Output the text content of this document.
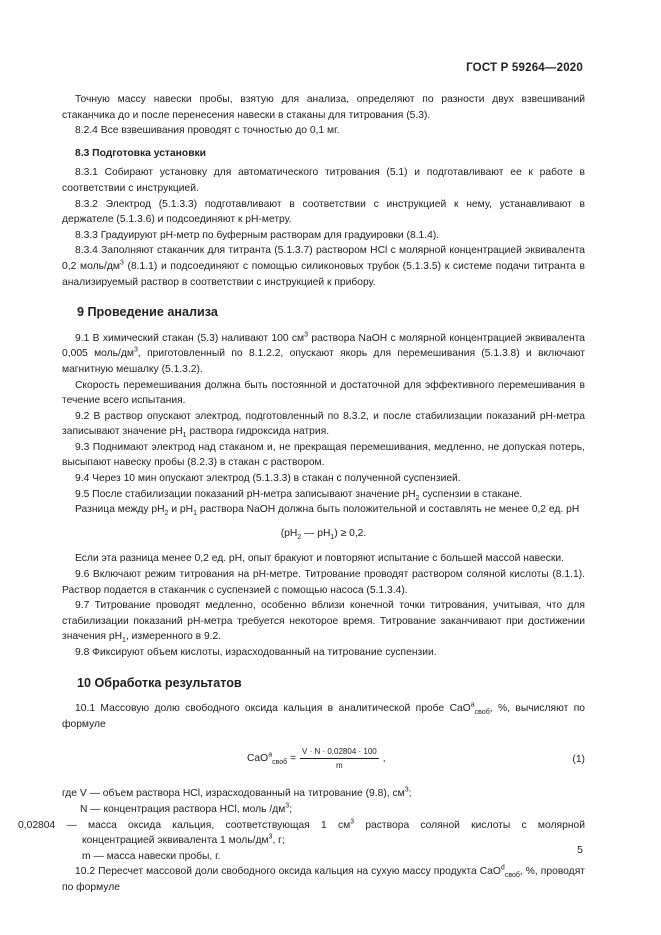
ГОСТ Р 59264—2020

Точную массу навески пробы, взятую для анализа, определяют по разности двух взвешиваний стаканчика до и после перенесения навески в стаканы для титрования (5.3).

8.2.4 Все взвешивания проводят с точностью до 0,1 мг.

8.3 Подготовка установки

8.3.1 Собирают установку для автоматического титрования (5.1) и подготавливают ее к работе в соответствии с инструкцией.

8.3.2 Электрод (5.1.3.3) подготавливают в соответствии с инструкцией к нему, устанавливают в держателе (5.1.3.6) и подсоединяют к pH-метру.

8.3.3 Градуируют pH-метр по буферным растворам для градуировки (8.1.4).

8.3.4 Заполняют стаканчик для титранта (5.1.3.7) раствором HCl с молярной концентрацией эквивалента 0,2 моль/$дм^3$ (8.1.1) и подсоединяют с помощью силиконовых трубок (5.1.3.5) к системе подачи титранта в анализируемый раствор в соответствии с инструкцией к прибору.

9 Проведение анализа

9.1 В химический стакан (5.3) наливают 100 $см^3$ раствора NaOH с молярной концентрацией эквивалента 0,005 моль/$дм^3$, приготовленный по 8.1.2.2, опускают якорь для перемешивания (5.1.3.8) и включают магнитную мешалку (5.1.3.2).

Скорость перемешивания должна быть постоянной и достаточной для эффективного перемешивания в течение всего испытания.

9.2 В раствор опускают электрод, подготовленный по 8.3.2, и после стабилизации показаний pH-метра записывают значение $pH_1$ раствора гидроксида натрия.

9.3 Поднимают электрод над стаканом и, не прекращая перемешивания, медленно, не допуская потерь, высыпают навеску пробы (8.2.3) в стакан с раствором.

9.4 Через 10 мин опускают электрод (5.1.3.3) в стакан с полученной суспензией.

9.5 После стабилизации показаний pH-метра записывают значение $pH_2$ суспензии в стакане.

Разница между $pH_2$ и $pH_1$ раствора NaOH должна быть положительной и составлять не менее 0,2 ед. pH

($pH_2$ — $pH_1) \ge 0,2$.

Если эта разница менее 0,2 ед. pH, опыт бракуют и повторяют испытание с большей массой навески.

9.6 Включают режим титрования на pH-метре. Титрование проводят раствором соляной кислоты (8.1.1). Раствор подается в стаканчик с суспензией с помощью насоса (5.1.3.4).

9.7 Титрование проводят медленно, особенно вблизи конечной точки титрования, учитывая, что для стабилизации показаний pH-метра требуется некоторое время. Титрование заканчивают при достижении значения $pH_1$, измеренного в 9.2.

9.8 Фиксируют объем кислоты, израсходованный на титрование суспензии.

10 Обработка результатов

10.1 Массовую долю свободного оксида кальция в аналитической пробе CaO$^a_{своб}$, %, вычисляют по формуле

$CaO^a_{своб} = \frac{V \cdot N \cdot 0,02804 \cdot 100}{m}$ ,	(1)
где V — объем раствора HCl, израсходованный на титрование (9.8), $см^3$;
N — концентрация раствора HCl, моль $/дм^3$;
0,02804 — масса оксида кальция, соответствующая 1 $см^3$ раствора соляной кислоты с молярной
концентрацией эквивалента 1 моль/$дм^3$, г;
m — масса навески пробы, г.

10.2 Пересчет массовой доли свободного оксида кальция на сухую массу продукта CaO$^d_{своб}$, %, проводят по формуле

5
